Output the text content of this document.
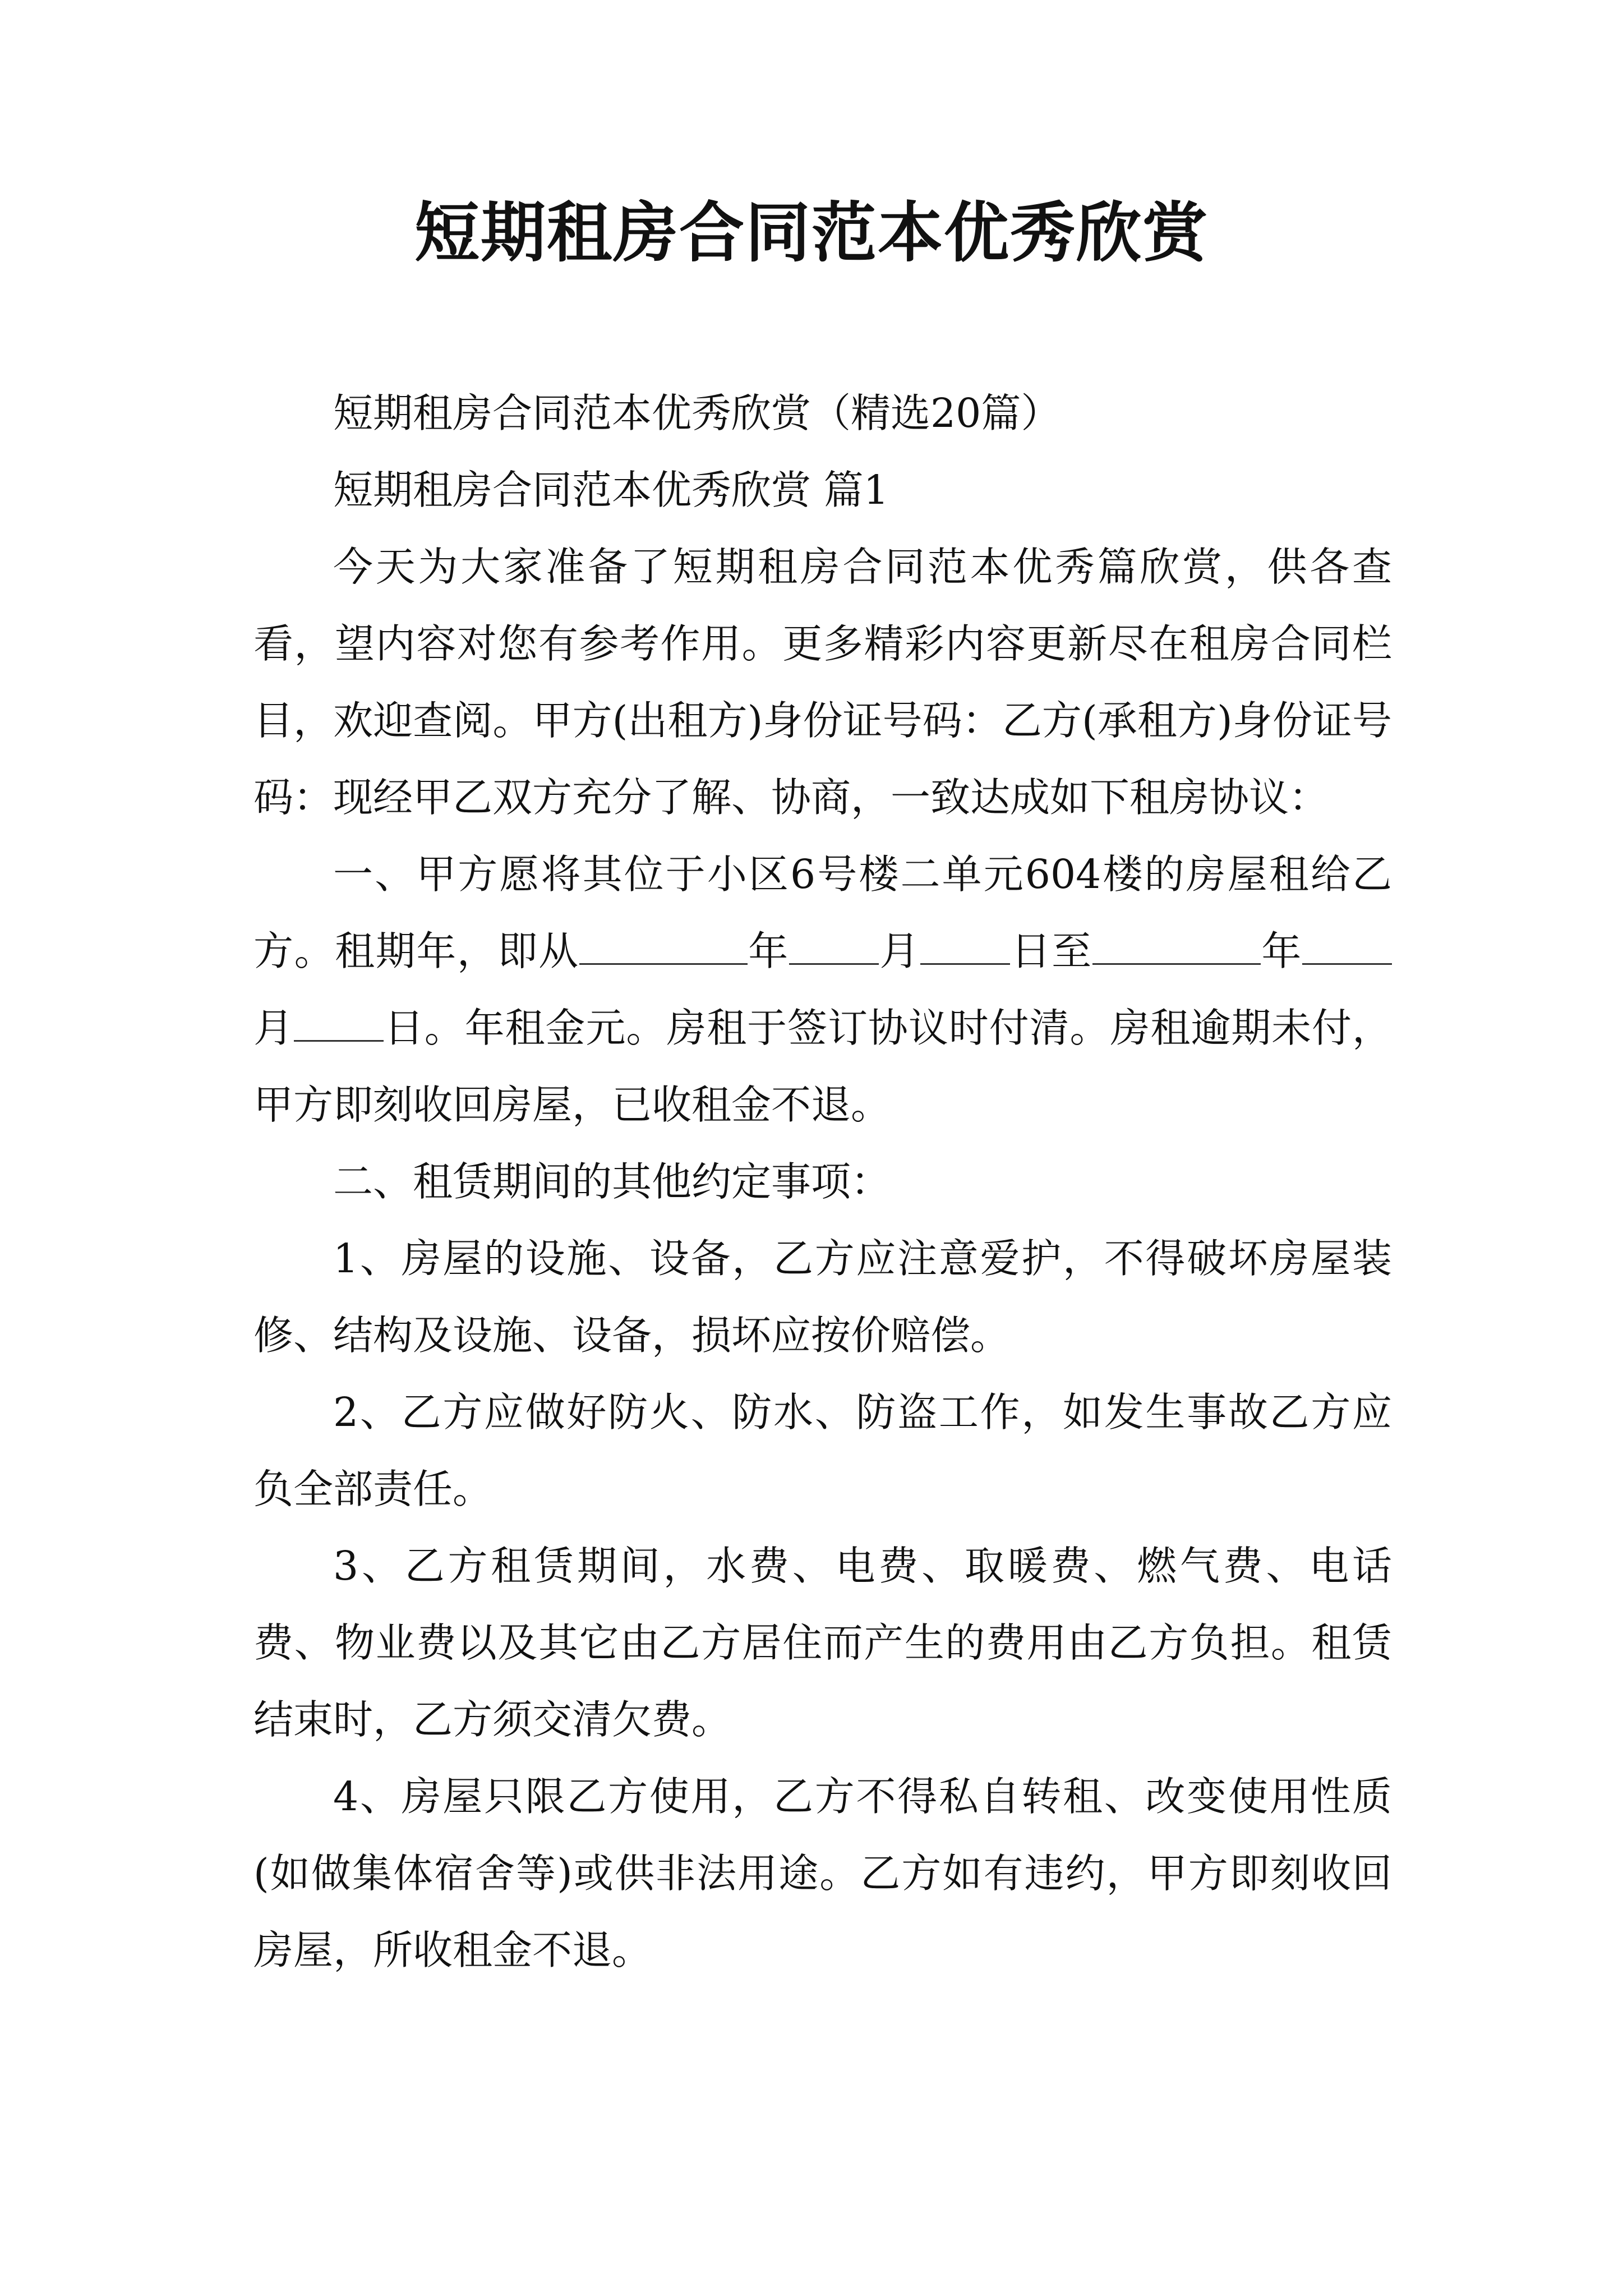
短期租房合同范本优秀欣赏

短期租房合同范本优秀欣赏（精选20篇）

短期租房合同范本优秀欣赏 篇1

今天为大家准备了短期租房合同范本优秀篇欣赏，供各查看，望内容对您有参考作用。更多精彩内容更新尽在租房合同栏目，欢迎查阅。甲方(出租方)身份证号码：乙方(承租方)身份证号码：现经甲乙双方充分了解、协商，一致达成如下租房协议：

一、甲方愿将其位于小区6号楼二单元604楼的房屋租给乙方。租期年，即从	年 月 日至	年月 日。年租金元。房租于签订协议时付清。房租逾期未付，甲方即刻收回房屋，已收租金不退。

二、租赁期间的其他约定事项：

1、房屋的设施、设备，乙方应注意爱护，不得破坏房屋装修、结构及设施、设备，损坏应按价赔偿。

2、乙方应做好防火、防水、防盗工作，如发生事故乙方应负全部责任。

3、乙方租赁期间，水费、电费、取暖费、燃气费、电话费、物业费以及其它由乙方居住而产生的费用由乙方负担。租赁结束时，乙方须交清欠费。

4、房屋只限乙方使用，乙方不得私自转租、改变使用性质(如做集体宿舍等)或供非法用途。乙方如有违约，甲方即刻收回房屋，所收租金不退。
